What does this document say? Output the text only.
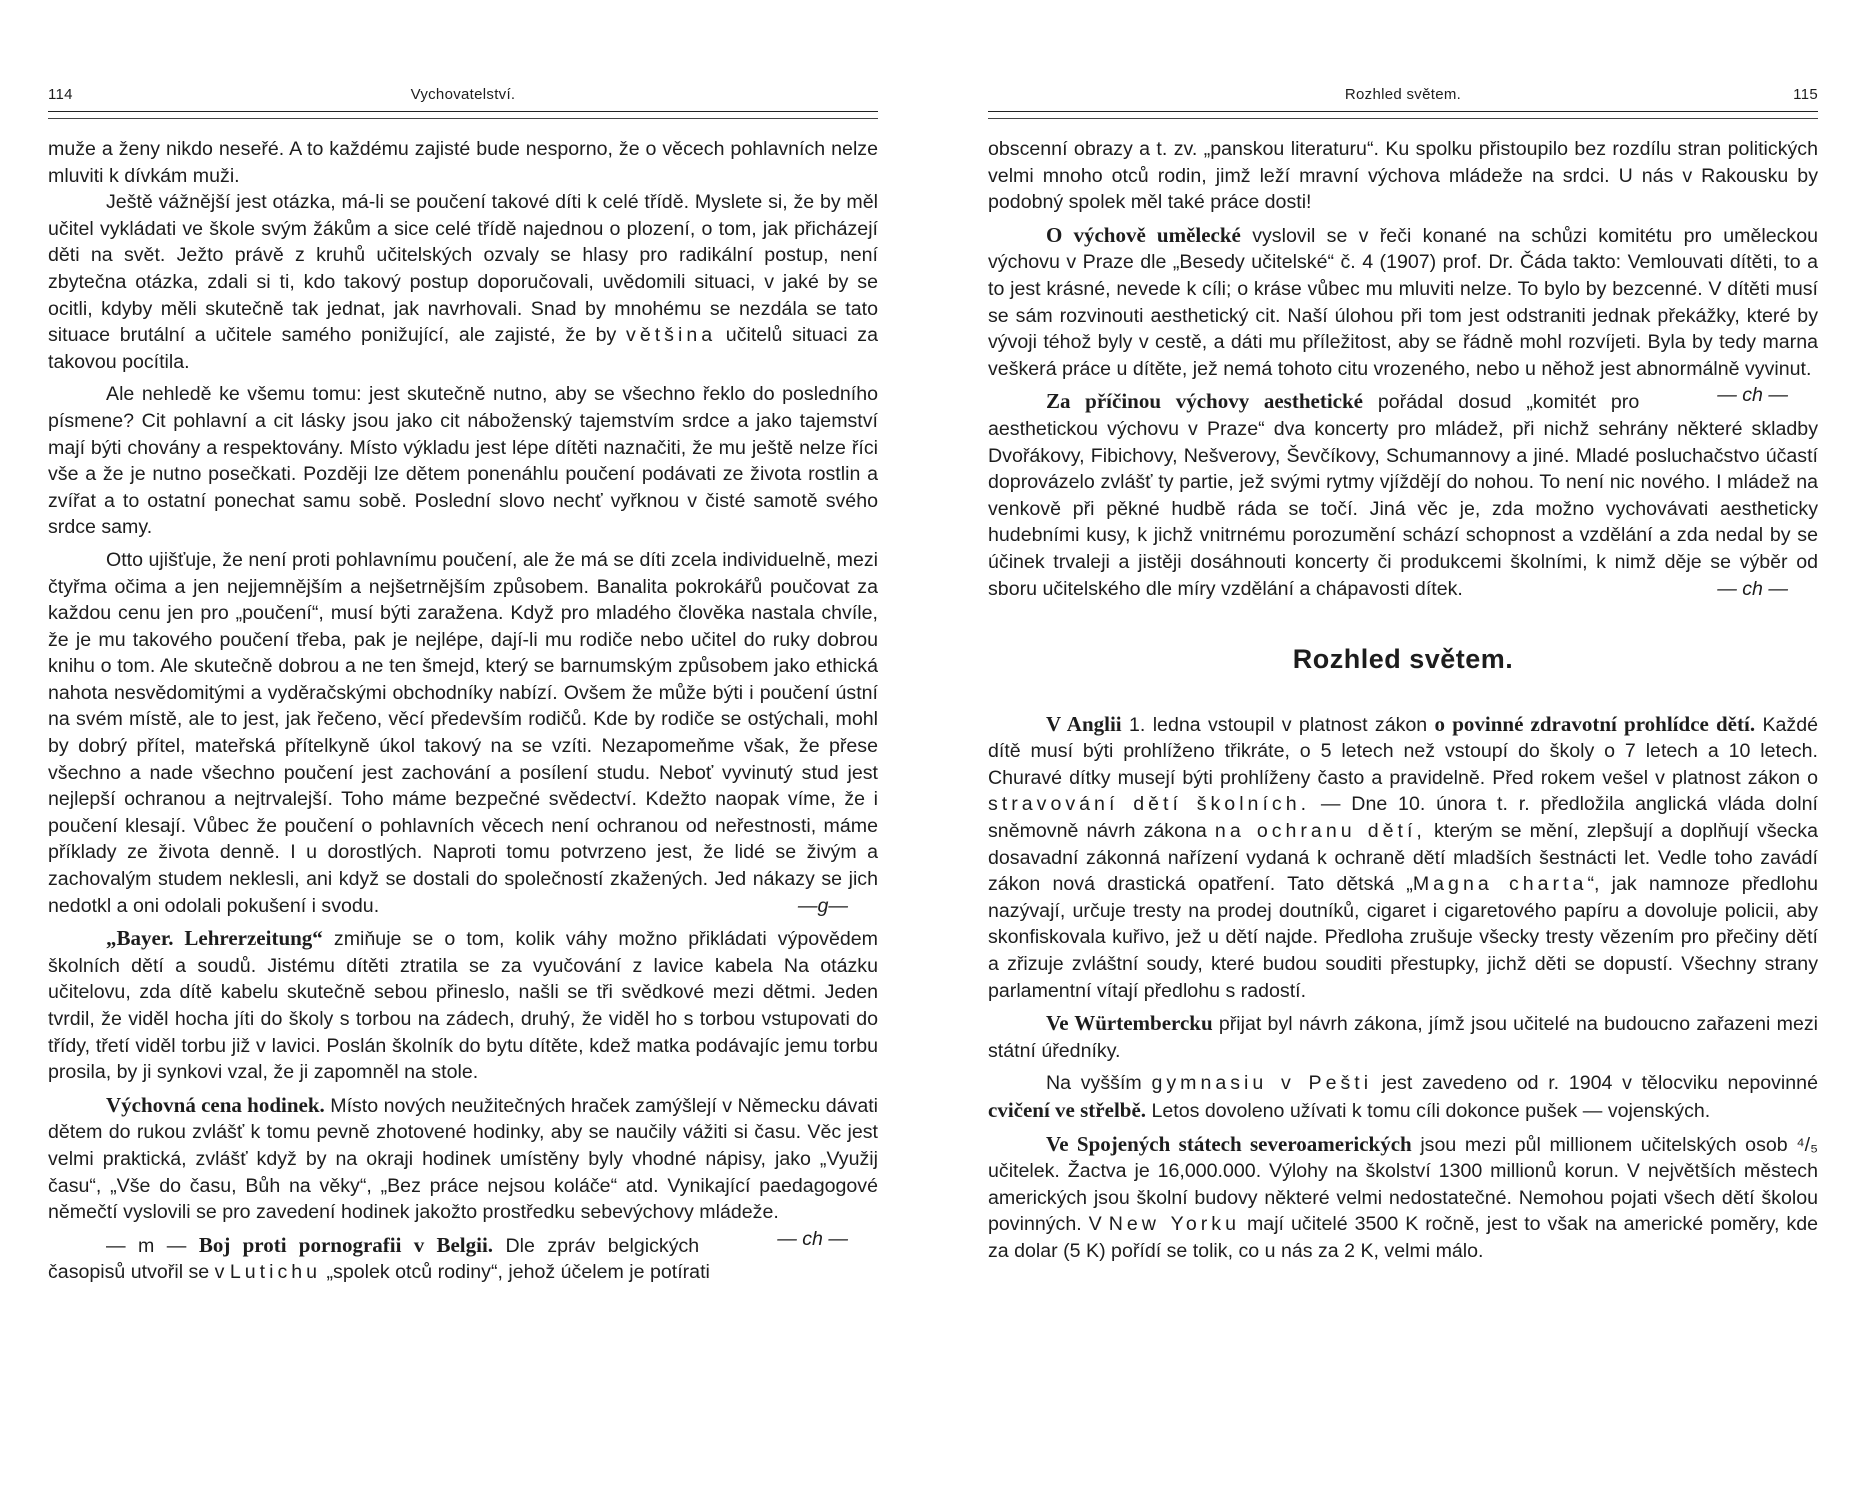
114	Vychovatelství.

muže a ženy nikdo neseřé. A to každému zajisté bude nesporno, že o věcech pohlavních nelze mluviti k dívkám muži.

Ještě vážnější jest otázka, má-li se poučení takové díti k celé třídě. Myslete si, že by měl učitel vykládati ve škole svým žákům a sice celé třídě najednou o plození, o tom, jak přicházejí děti na svět. Ježto právě z kruhů učitelských ozvaly se hlasy pro radikální postup, není zbytečna otázka, zdali si ti, kdo takový postup doporučovali, uvědomili situaci, v jaké by se ocitli, kdyby měli skutečně tak jednat, jak navrhovali. Snad by mnohému se nezdála se tato situace brutální a učitele samého ponižující, ale zajisté, že by většina učitelů situaci za takovou pocítila.

Ale nehledě ke všemu tomu: jest skutečně nutno, aby se všechno řeklo do posledního písmene? Cit pohlavní a cit lásky jsou jako cit náboženský tajemstvím srdce a jako tajemství mají býti chovány a respektovány. Místo výkladu jest lépe dítěti naznačiti, že mu ještě nelze říci vše a že je nutno posečkati. Později lze dětem ponenáhlu poučení podávati ze života rostlin a zvířat a to ostatní ponechat samu sobě. Poslední slovo nechť vyřknou v čisté samotě svého srdce samy.

Otto ujišťuje, že není proti pohlavnímu poučení, ale že má se díti zcela individuelně, mezi čtyřma očima a jen nejjemnějším a nejšetrnějším způsobem. Banalita pokrokářů poučovat za každou cenu jen pro „poučení“, musí býti zaražena. Když pro mladého člověka nastala chvíle, že je mu takového poučení třeba, pak je nejlépe, dají-li mu rodiče nebo učitel do ruky dobrou knihu o tom. Ale skutečně dobrou a ne ten šmejd, který se barnumským způsobem jako ethická nahota nesvědomitými a vyděračskými obchodníky nabízí. Ovšem že může býti i poučení ústní na svém místě, ale to jest, jak řečeno, věcí především rodičů. Kde by rodiče se ostýchali, mohl by dobrý přítel, mateřská přítelkyně úkol takový na se vzíti. Nezapomeňme však, že přese všechno a nade všechno poučení jest zachování a posílení studu. Neboť vyvinutý stud jest nejlepší ochranou a nejtrvalejší. Toho máme bezpečné svědectví. Kdežto naopak víme, že i poučení klesají. Vůbec že poučení o pohlavních věcech není ochranou od neřestnosti, máme příklady ze života denně. I u dorostlých. Naproti tomu potvrzeno jest, že lidé se živým a zachovalým studem neklesli, ani když se dostali do společností zkažených. Jed nákazy se jich nedotkl a oni odolali pokušení i svodu.	—g—

„Bayer. Lehrerzeitung“ zmiňuje se o tom, kolik váhy možno přikládati výpovědem školních dětí a soudů. Jistému dítěti ztratila se za vyučování z lavice kabela Na otázku učitelovu, zda dítě kabelu skutečně sebou přineslo, našli se tři svědkové mezi dětmi. Jeden tvrdil, že viděl hocha jíti do školy s torbou na zádech, druhý, že viděl ho s torbou vstupovati do třídy, třetí viděl torbu již v lavici. Poslán školník do bytu dítěte, kdež matka podávajíc jemu torbu prosila, by ji synkovi vzal, že ji zapomněl na stole.

Výchovná cena hodinek. Místo nových neužitečných hraček zamýšlejí v Německu dávati dětem do rukou zvlášť k tomu pevně zhotovené hodinky, aby se naučily vážiti si času. Věc jest velmi praktická, zvlášť když by na okraji hodinek umístěny byly vhodné nápisy, jako „Využij času“, „Vše do času, Bůh na věky“, „Bez práce nejsou koláče“ atd. Vynikající paedagogové němečtí vyslovili se pro zavedení hodinek jakožto prostředku sebevýchovy mládeže.
— ch —

— m — Boj proti pornografii v Belgii. Dle zpráv belgických časopisů utvořil se v Lutichu „spolek otců rodiny“, jehož účelem je potírati

Rozhled světem.	115

obscenní obrazy a t. zv. „panskou literaturu“. Ku spolku přistoupilo bez rozdílu stran politických velmi mnoho otců rodin, jimž leží mravní výchova mládeže na srdci. U nás v Rakousku by podobný spolek měl také práce dosti!

O výchově umělecké vyslovil se v řeči konané na schůzi komitétu pro uměleckou výchovu v Praze dle „Besedy učitelské“ č. 4 (1907) prof. Dr. Čáda takto: Vemlouvati dítěti, to a to jest krásné, nevede k cíli; o kráse vůbec mu mluviti nelze. To bylo by bezcenné. V dítěti musí se sám rozvinouti aesthetický cit. Naší úlohou při tom jest odstraniti jednak překážky, které by vývoji téhož byly v cestě, a dáti mu příležitost, aby se řádně mohl rozvíjeti. Byla by tedy marna veškerá práce u dítěte, jež nemá tohoto citu vrozeného, nebo u něhož jest abnormálně vyvinut.
— ch —

Za příčinou výchovy aesthetické pořádal dosud „komitét pro aesthetickou výchovu v Praze“ dva koncerty pro mládež, při nichž sehrány některé skladby Dvořákovy, Fibichovy, Nešverovy, Ševčíkovy, Schumannovy a jiné. Mladé posluchačstvo účastí doprovázelo zvlášť ty partie, jež svými rytmy vjíždějí do nohou. To není nic nového. I mládež na venkově při pěkné hudbě ráda se točí. Jiná věc je, zda možno vychovávati aestheticky hudebními kusy, k jichž vnitrnému porozumění schází schopnost a vzdělání a zda nedal by se účinek trvaleji a jistěji dosáhnouti koncerty či produkcemi školními, k nimž děje se výběr od sboru učitelského dle míry vzdělání a chápavosti dítek.	— ch —

Rozhled světem.

V Anglii 1. ledna vstoupil v platnost zákon o povinné zdravotní prohlídce dětí. Každé dítě musí býti prohlíženo třikráte, o 5 letech než vstoupí do školy o 7 letech a 10 letech. Churavé dítky musejí býti prohlíženy často a pravidelně. Před rokem vešel v platnost zákon o stravování dětí školních. — Dne 10. února t. r. předložila anglická vláda dolní sněmovně návrh zákona na ochranu dětí, kterým se mění, zlepšují a doplňují všecka dosavadní zákonná nařízení vydaná k ochraně dětí mladších šestnácti let. Vedle toho zavádí zákon nová drastická opatření. Tato dětská „Magna charta“, jak namnoze předlohu nazývají, určuje tresty na prodej doutníků, cigaret i cigaretového papíru a dovoluje policii, aby skonfiskovala kuřivo, jež u dětí najde. Předloha zrušuje všecky tresty vězením pro přečiny dětí a zřizuje zvláštní soudy, které budou souditi přestupky, jichž děti se dopustí. Všechny strany parlamentní vítají předlohu s radostí.

Ve Würtembercku přijat byl návrh zákona, jímž jsou učitelé na budoucno zařazeni mezi státní úředníky.

Na vyšším gymnasiu v Pešti jest zavedeno od r. 1904 v tělocviku nepovinné cvičení ve střelbě. Letos dovoleno užívati k tomu cíli dokonce pušek — vojenských.

Ve Spojených státech severoamerických jsou mezi půl millionem učitelských osob ⁴/₅ učitelek. Žactva je 16,000.000. Výlohy na školství 1300 millionů korun. V největších městech amerických jsou školní budovy některé velmi nedostatečné. Nemohou pojati všech dětí školou povinných. V New Yorku mají učitelé 3500 K ročně, jest to však na americké poměry, kde za dolar (5 K) pořídí se tolik, co u nás za 2 K, velmi málo.
